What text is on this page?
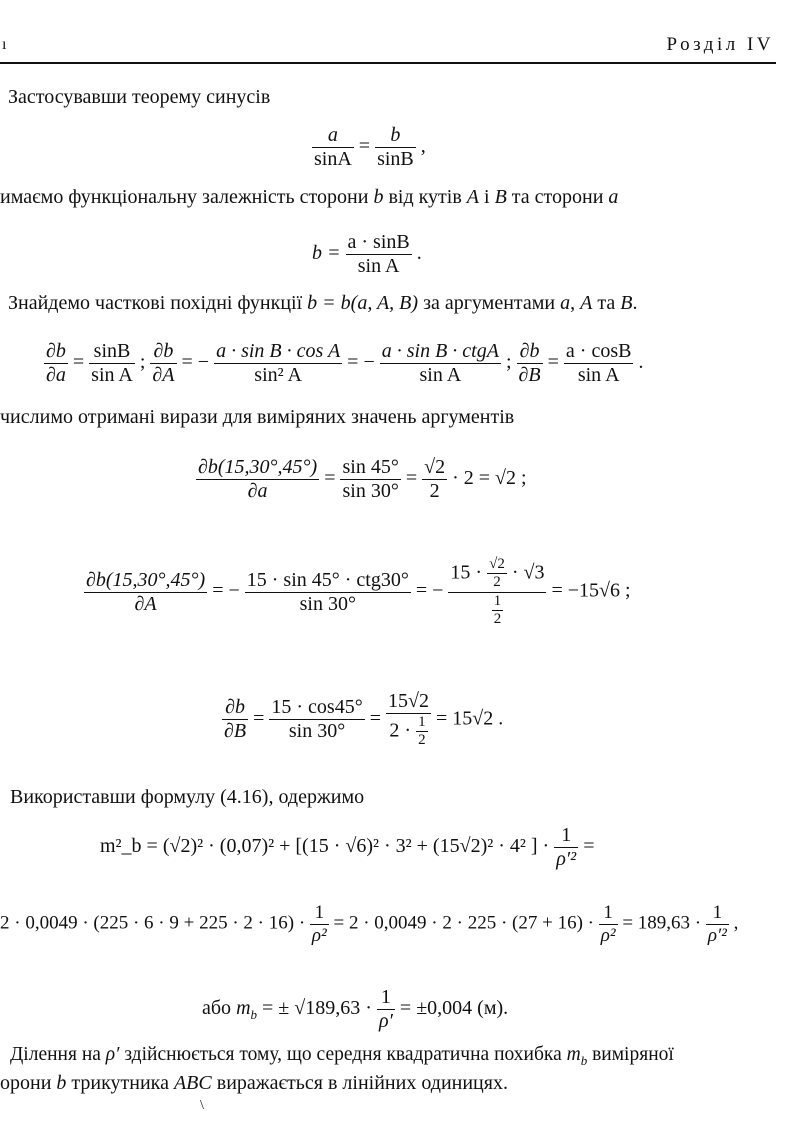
ı	Розділ IV
Застосувавши теорему синусів
$\frac{a}{\sin A} = \frac{b}{\sin B}$ ,
имаємо функціональну залежність сторони b від кутів A і B та сторони a
$b = \frac{a \cdot \sin B}{\text{sin A}}$ .
Знайдемо часткові похідні функції b = b(a, A, B) за аргументами a, A та B.
$\frac{\partial b}{\partial a} = \frac{\sin B}{\text{sin A}}$ ; $\frac{\partial b}{\partial A}$ = − $\frac{\text{a · sin B · cos A}}{\text{sin² A}}$ = − $\frac{\text{a · sin B · ctgA}}{\text{sin A}}$ ; $\frac{\partial b}{\partial B} = \frac{a \cdot \cos B}{\text{sin A}}$ .
числимо отримані вирази для виміряних значень аргументів
$\frac{\partial b(15,30^\circ,45^\circ)}{\partial a} = \frac{\sin 45^\circ}{\sin 30^\circ} = \frac{√2}{2} \cdot 2 = √2$ ;
$\frac{\partial b(15,30^\circ,45^\circ)}{\partial A}$ = − $\frac{\text{15 · sin 45° · ctg30°}}{\sin 30^\circ}$ = − $\frac{15 \cdot \frac{√2}{2} \cdot √3}{\frac{1}{2}} = -15√6$ ;
$\frac{\partial b}{\partial B} = \frac{15 \cdot \cos 45^\circ}{\sin 30^\circ} = \frac{15√2}{2 \cdot \frac{1}{2}} = 15√2$ .
Використавши формулу (4.16), одержимо
m²_b = (√2)² · (0,07)² + [(15 · √6)² · 3² + (15√2)² · 4² ] · $\frac{1}{\text{ρ′²}}$ =
$2 \cdot 0,0049 \cdot (225 \cdot 6 \cdot 9 + 225 \cdot 2 \cdot 16) \cdot \frac{1}{\text{ρ²}} = 2 \cdot 0,0049 \cdot 2 \cdot 225 \cdot (27 + 16) \cdot \frac{1}{\text{ρ²}} = 189,63 \cdot \frac{1}{\text{ρ′²}}$ ,
або $m_b$ = ± $√189,63 \cdot \frac{1}{\rho'} = \pm 0,004$ (м).
Ділення на ρ′ здійснюється тому, що середня квадратична похибка $m_b$ виміряної
орони b трикутника ABC виражається в лінійних одиницях.
\
